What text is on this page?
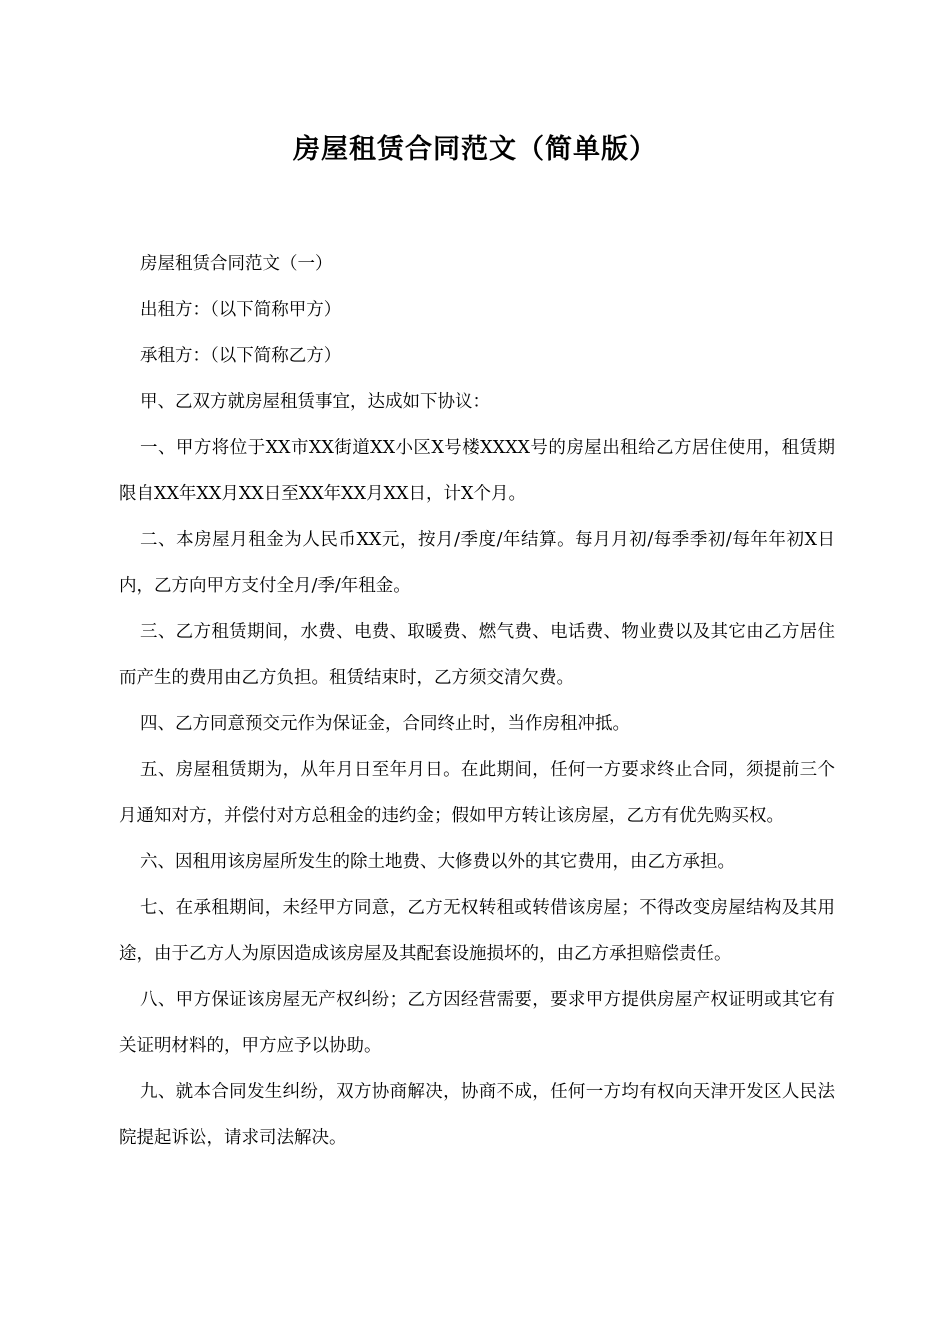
房屋租赁合同范文（简单版）

房屋租赁合同范文（一）

出租方：（以下简称甲方）

承租方：（以下简称乙方）

甲、乙双方就房屋租赁事宜，达成如下协议：

一、甲方将位于XX市XX街道XX小区X号楼XXXX号的房屋出租给乙方居住使用，租赁期限自XX年XX月XX日至XX年XX月XX日，计X个月。

二、本房屋月租金为人民币XX元，按月/季度/年结算。每月月初/每季季初/每年年初X日内，乙方向甲方支付全月/季/年租金。

三、乙方租赁期间，水费、电费、取暖费、燃气费、电话费、物业费以及其它由乙方居住而产生的费用由乙方负担。租赁结束时，乙方须交清欠费。

四、乙方同意预交元作为保证金，合同终止时，当作房租冲抵。

五、房屋租赁期为，从年月日至年月日。在此期间，任何一方要求终止合同，须提前三个月通知对方，并偿付对方总租金的违约金；假如甲方转让该房屋，乙方有优先购买权。

六、因租用该房屋所发生的除土地费、大修费以外的其它费用，由乙方承担。

七、在承租期间，未经甲方同意，乙方无权转租或转借该房屋；不得改变房屋结构及其用途，由于乙方人为原因造成该房屋及其配套设施损坏的，由乙方承担赔偿责任。

八、甲方保证该房屋无产权纠纷；乙方因经营需要，要求甲方提供房屋产权证明或其它有关证明材料的，甲方应予以协助。

九、就本合同发生纠纷，双方协商解决，协商不成，任何一方均有权向天津开发区人民法院提起诉讼，请求司法解决。
